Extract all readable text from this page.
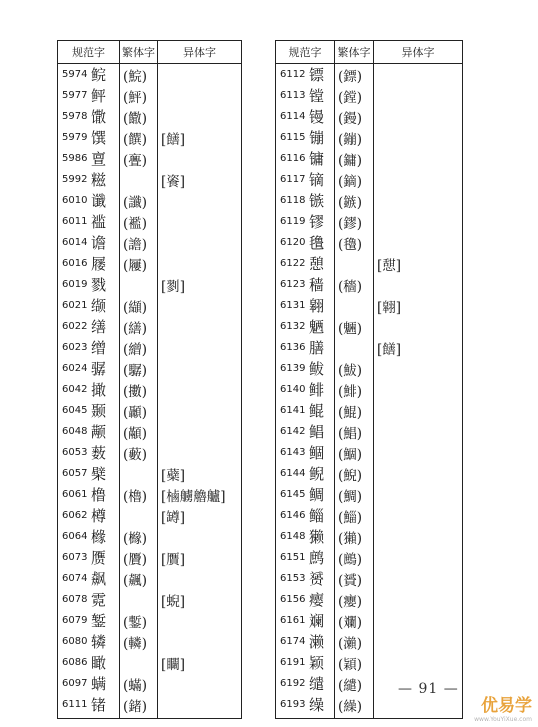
规范字	繁体字	异体字
5974 鲩	(鯇)	
5977 鲆	(鮃)	
5978 馓	(饊)	
5979 馔	(饌)	[饍]
5986 亶	(亹)	
5992 糍		[餈]
6010 谶	(讖)	
6011 褴	(襤)	
6014 谵	(譫)	
6016 屦	(屨)	
6019 戮		[剹]
6021 缬	(纈)	
6022 缮	(繕)	
6023 缯	(繒)	
6024 骣	(驏)	
6042 撖	(擻)	
6045 颞	(顳)	
6048 颟	(顢)	
6053 薮	(藪)	
6057 檗		[蘗]
6061 橹	(櫓)	[樐艣艪艫]
6062 樽		[罇]
6064 橼	(櫞)	
6073 赝	(贗)	[贋]
6074 飙	(飆)	
6078 霓		[蜺]
6079 錾	(鏨)	
6080 辚	(轔)	
6086 瞰		[矙]
6097 螨	(蟎)	
6111 锗	(鍺)	
规范字	繁体字	异体字
6112 镖	(鏢)	
6113 镗	(鏜)	
6114 镘	(鏝)	
6115 镚	(鏰)	
6116 镛	(鏞)	
6117 镝	(鏑)	
6118 镞	(鏃)	
6119 镠	(鏐)	
6120 氇	(氌)	
6122 憩		[憇]
6123 穑	(穡)	
6131 翱		[翶]
6132 魉	(魎)	
6136 膳		[饍]
6139 鲅	(鮁)	
6140 鲱	(鯡)	
6141 鲲	(鯤)	
6142 鲳	(鯧)	
6143 鲴	(鯝)	
6144 鲵	(鯢)	
6145 鲷	(鯛)	
6146 鲻	(鯔)	
6148 獭	(獺)	
6151 鹧	(鷓)	
6153 赟	(贇)	
6156 瘿	(癭)	
6161 斓	(斕)	
6174 濑	(瀨)	
6191 颖	(穎)	
6192 缱	(繾)	
6193 缲	(繰)	
— 91 —
优易学
www.YouYiXue.com
